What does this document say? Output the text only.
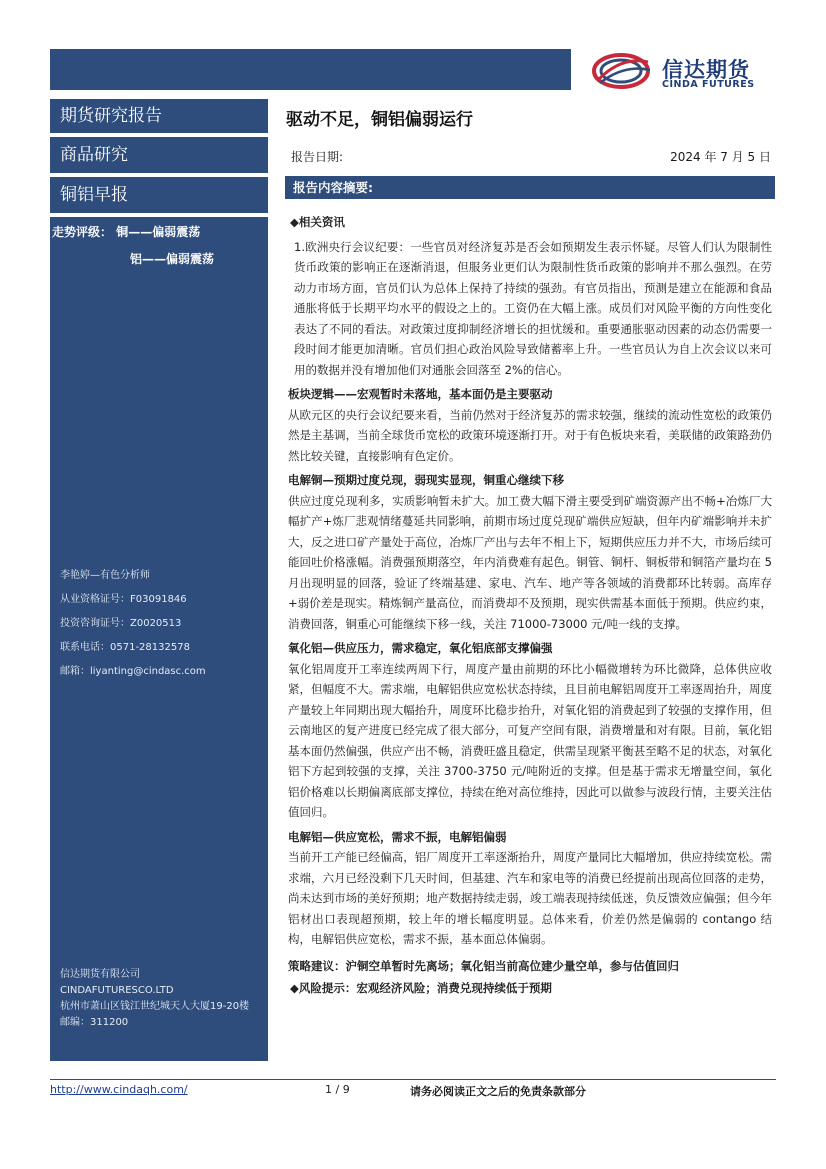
信达期货
CINDA FUTURES
期货研究报告
商品研究
铜铝早报
走势评级： 铜——偏弱震荡
铝——偏弱震荡
李艳婷—有色分析师
从业资格证号：F03091846
投资咨询证号：Z0020513
联系电话：0571-28132578
邮箱：liyanting@cindasc.com
信达期货有限公司
CINDAFUTURESCO.LTD
杭州市萧山区钱江世纪城天人大厦19-20楼
邮编：311200
驱动不足，铜铝偏弱运行
报告日期:	2024 年 7 月 5 日
报告内容摘要:

◆相关资讯

1.欧洲央行会议纪要：一些官员对经济复苏是否会如预期发生表示怀疑。尽管人们认为限制性货币政策的影响正在逐渐消退，但服务业更们认为限制性货币政策的影响并不那么强烈。在劳动力市场方面，官员们认为总体上保持了持续的强劲。有官员指出，预测是建立在能源和食品通胀将低于长期平均水平的假设之上的。工资仍在大幅上涨。成员们对风险平衡的方向性变化表达了不同的看法。对政策过度抑制经济增长的担忧缓和。重要通胀驱动因素的动态仍需要一段时间才能更加清晰。官员们担心政治风险导致储蓄率上升。一些官员认为自上次会议以来可用的数据并没有增加他们对通胀会回落至 2%的信心。

板块逻辑——宏观暂时未落地，基本面仍是主要驱动

从欧元区的央行会议纪要来看，当前仍然对于经济复苏的需求较强，继续的流动性宽松的政策仍然是主基调，当前全球货币宽松的政策环境逐渐打开。对于有色板块来看，美联储的政策路劲仍然比较关键，直接影响有色定价。

电解铜—预期过度兑现，弱现实显现，铜重心继续下移

供应过度兑现利多，实质影响暂未扩大。加工费大幅下滑主要受到矿端资源产出不畅+冶炼厂大幅扩产+炼厂悲观情绪蔓延共同影响，前期市场过度兑现矿端供应短缺，但年内矿端影响并未扩大，反之进口矿产量处于高位，冶炼厂产出与去年不相上下，短期供应压力并不大，市场后续可能回吐价格涨幅。消费强预期落空，年内消费难有起色。铜管、铜杆、铜板带和铜箔产量均在 5 月出现明显的回落，验证了终端基建、家电、汽车、地产等各领域的消费都环比转弱。高库存+弱价差是现实。精炼铜产量高位，而消费却不及预期，现实供需基本面低于预期。供应约束，消费回落，铜重心可能继续下移一线，关注 71000-73000 元/吨一线的支撑。

氧化铝—供应压力，需求稳定，氧化铝底部支撑偏强

氧化铝周度开工率连续两周下行，周度产量由前期的环比小幅微增转为环比微降，总体供应收紧，但幅度不大。需求端，电解铝供应宽松状态持续，且目前电解铝周度开工率逐周抬升，周度产量较上年同期出现大幅抬升，周度环比稳步抬升，对氧化铝的消费起到了较强的支撑作用，但云南地区的复产进度已经完成了很大部分，可复产空间有限，消费增量和对有限。目前，氧化铝基本面仍然偏强，供应产出不畅，消费旺盛且稳定，供需呈现紧平衡甚至略不足的状态，对氧化铝下方起到较强的支撑，关注 3700-3750 元/吨附近的支撑。但是基于需求无增量空间，氧化铝价格难以长期偏离底部支撑位，持续在绝对高位维持，因此可以做参与波段行情，主要关注估值回归。

电解铝—供应宽松，需求不振，电解铝偏弱

当前开工产能已经偏高，铝厂周度开工率逐渐抬升，周度产量同比大幅增加，供应持续宽松。需求端，六月已经没剩下几天时间，但基建、汽车和家电等的消费已经提前出现高位回落的走势，尚未达到市场的美好预期；地产数据持续走弱，竣工端表现持续低迷，负反馈效应偏强；但今年铝材出口表现超预期，较上年的增长幅度明显。总体来看，价差仍然是偏弱的 contango 结构，电解铝供应宽松，需求不振，基本面总体偏弱。

策略建议：沪铜空单暂时先离场；氧化铝当前高位建少量空单，参与估值回归

◆风险提示：宏观经济风险；消费兑现持续低于预期

http://www.cindaqh.com/	1 / 9	请务必阅读正文之后的免责条款部分
